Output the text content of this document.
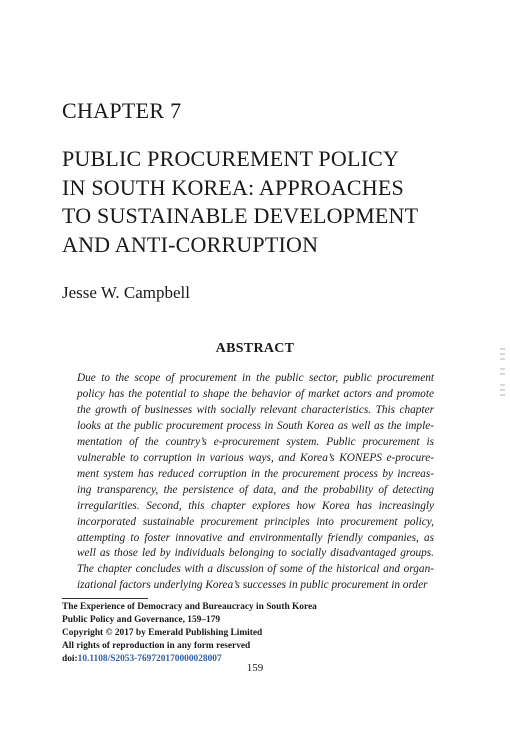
CHAPTER 7
PUBLIC PROCUREMENT POLICY
IN SOUTH KOREA: APPROACHES
TO SUSTAINABLE DEVELOPMENT
AND ANTI-CORRUPTION
Jesse W. Campbell
ABSTRACT
Due to the scope of procurement in the public sector, public procurement
policy has the potential to shape the behavior of market actors and promote
the growth of businesses with socially relevant characteristics. This chapter
looks at the public procurement process in South Korea as well as the imple-
mentation of the country’s e-procurement system. Public procurement is
vulnerable to corruption in various ways, and Korea’s KONEPS e-procure-
ment system has reduced corruption in the procurement process by increas-
ing transparency, the persistence of data, and the probability of detecting
irregularities. Second, this chapter explores how Korea has increasingly
incorporated sustainable procurement principles into procurement policy,
attempting to foster innovative and environmentally friendly companies, as
well as those led by individuals belonging to socially disadvantaged groups.
The chapter concludes with a discussion of some of the historical and organ-
izational factors underlying Korea’s successes in public procurement in order
The Experience of Democracy and Bureaucracy in South Korea
Public Policy and Governance, 159–179
Copyright © 2017 by Emerald Publishing Limited
All rights of reproduction in any form reserved
doi:10.1108/S2053-769720170000028007
159
